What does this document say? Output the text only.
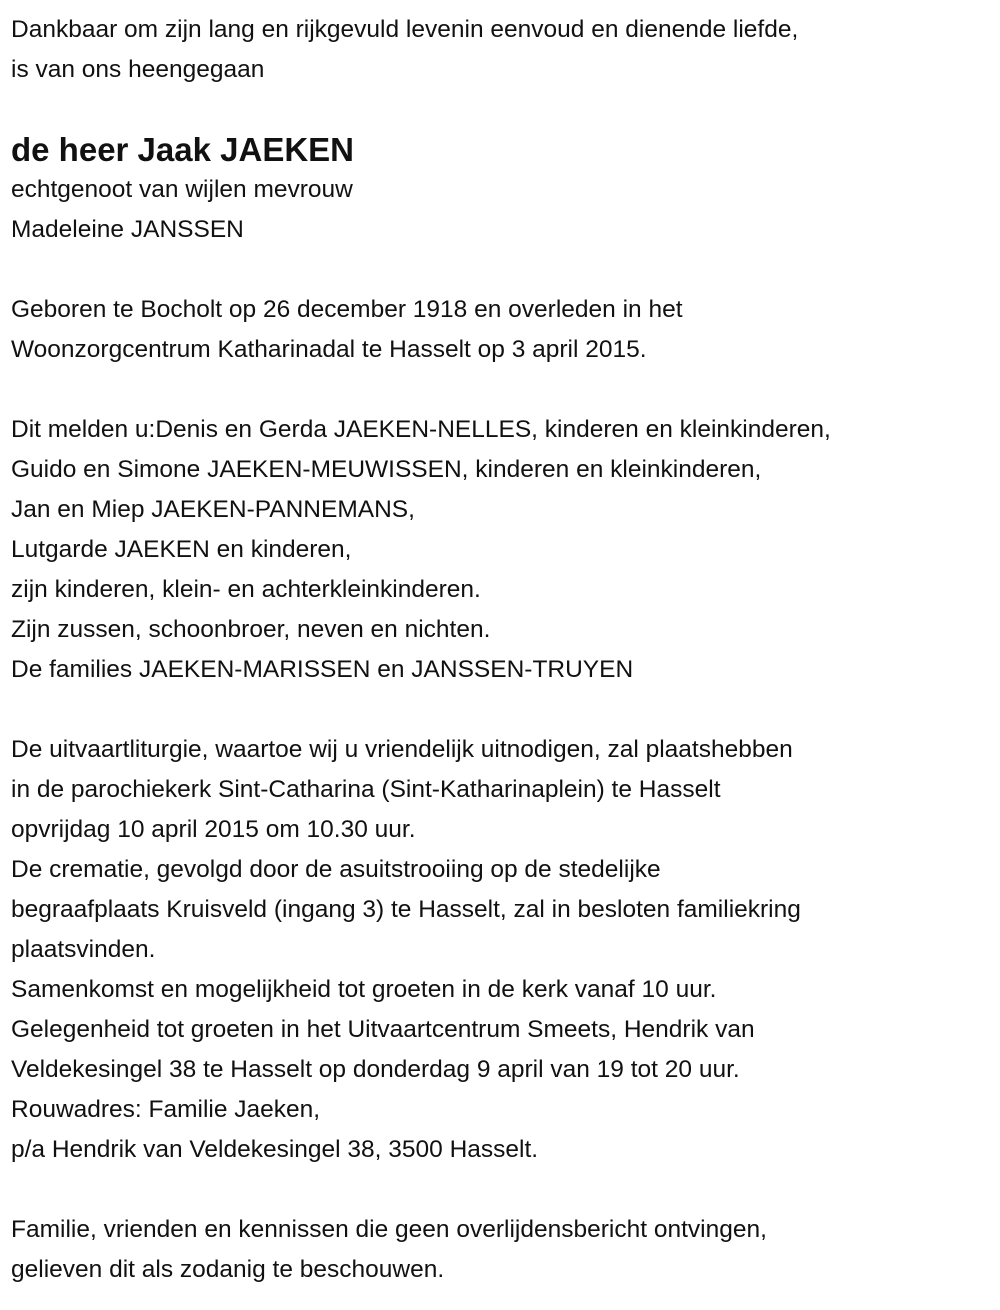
Dankbaar om zijn lang en rijkgevuld levenin eenvoud en dienende liefde,
is van ons heengegaan
de heer Jaak JAEKEN
echtgenoot van wijlen mevrouw
Madeleine JANSSEN
Geboren te Bocholt op 26 december 1918 en overleden in het
Woonzorgcentrum Katharinadal te Hasselt op 3 april 2015.
Dit melden u:Denis en Gerda JAEKEN-NELLES, kinderen en kleinkinderen,
Guido en Simone JAEKEN-MEUWISSEN, kinderen en kleinkinderen,
Jan en Miep JAEKEN-PANNEMANS,
Lutgarde JAEKEN en kinderen,
zijn kinderen, klein- en achterkleinkinderen.
Zijn zussen, schoonbroer, neven en nichten.
De families JAEKEN-MARISSEN en JANSSEN-TRUYEN
De uitvaartliturgie, waartoe wij u vriendelijk uitnodigen, zal plaatshebben
in de parochiekerk Sint-Catharina (Sint-Katharinaplein) te Hasselt
opvrijdag 10 april 2015 om 10.30 uur.
De crematie, gevolgd door de asuitstrooiing op de stedelijke
begraafplaats Kruisveld (ingang 3) te Hasselt, zal in besloten familiekring
plaatsvinden.
Samenkomst en mogelijkheid tot groeten in de kerk vanaf 10 uur.
Gelegenheid tot groeten in het Uitvaartcentrum Smeets, Hendrik van
Veldekesingel 38 te Hasselt op donderdag 9 april van 19 tot 20 uur.
Rouwadres: Familie Jaeken,
p/a Hendrik van Veldekesingel 38, 3500 Hasselt.
Familie, vrienden en kennissen die geen overlijdensbericht ontvingen,
gelieven dit als zodanig te beschouwen.
